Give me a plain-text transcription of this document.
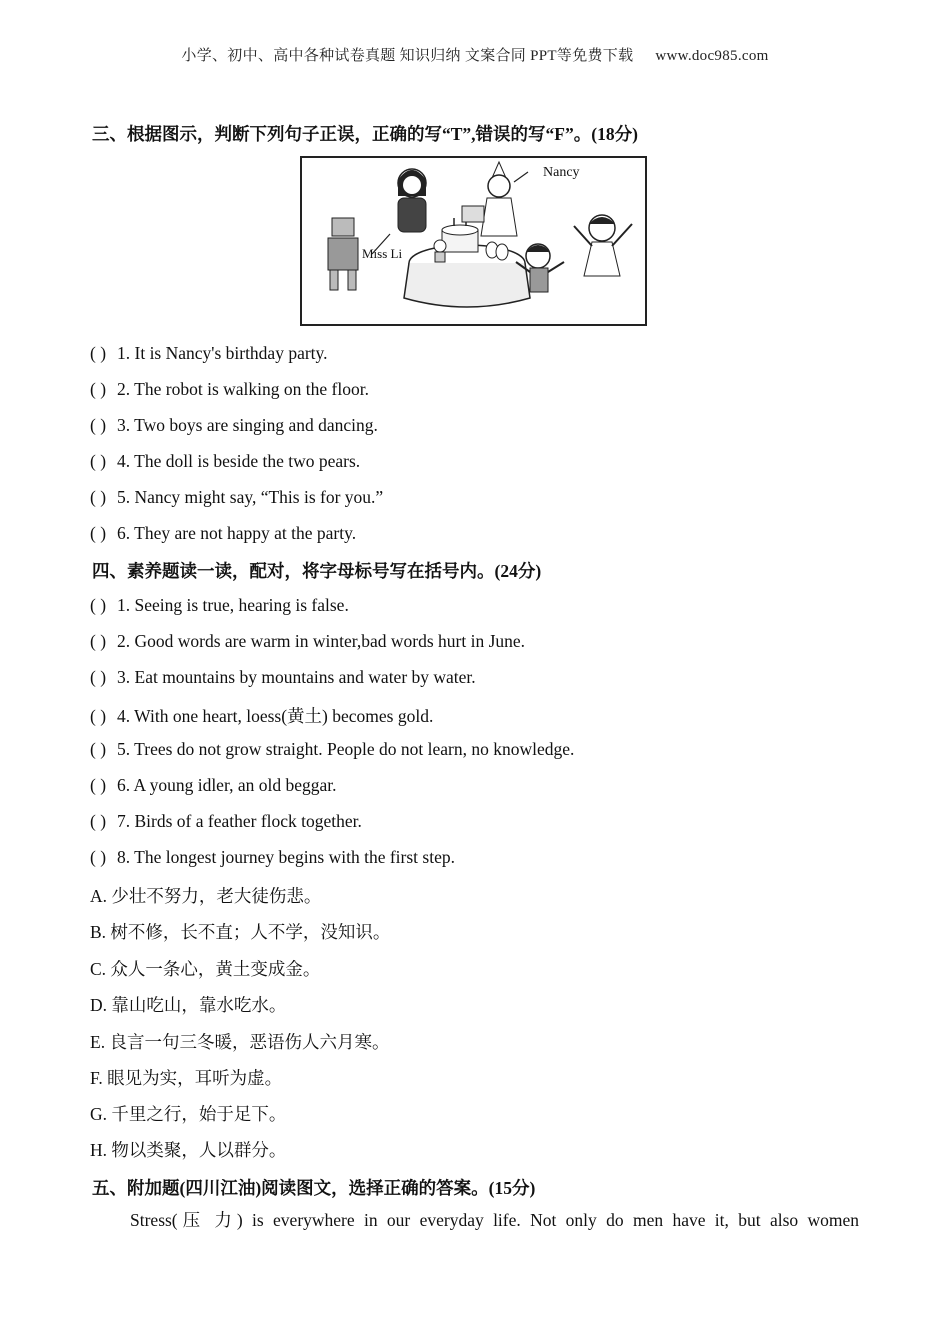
小学、初中、高中各种试卷真题 知识归纳 文案合同 PPT等免费下载 www.doc985.com
三、根据图示，判断下列句子正误，正确的写“T”,错误的写“F”。(18分)
Nancy
Miss Li
( ) 1. It is Nancy's birthday party.
( ) 2. The robot is walking on the floor.
( ) 3. Two boys are singing and dancing.
( ) 4. The doll is beside the two pears.
( ) 5. Nancy might say, “This is for you.”
( ) 6. They are not happy at the party.
四、素养题读一读，配对，将字母标号写在括号内。(24分)
( ) 1. Seeing is true, hearing is false.
( ) 2. Good words are warm in winter,bad words hurt in June.
( ) 3. Eat mountains by mountains and water by water.
( ) 4. With one heart, loess(黄土) becomes gold.
( ) 5. Trees do not grow straight. People do not learn, no knowledge.
( ) 6. A young idler, an old beggar.
( ) 7. Birds of a feather flock together.
( ) 8. The longest journey begins with the first step.
A. 少壮不努力，老大徒伤悲。
B. 树不修，长不直；人不学，没知识。
C. 众人一条心，黄土变成金。
D. 靠山吃山，靠水吃水。
E. 良言一句三冬暖，恶语伤人六月寒。
F. 眼见为实，耳听为虚。
G. 千里之行，始于足下。
H. 物以类聚，人以群分。
五、附加题(四川江油)阅读图文，选择正确的答案。(15分)
Stress(压 力) is everywhere in our everyday life. Not only do men have it, but also women
